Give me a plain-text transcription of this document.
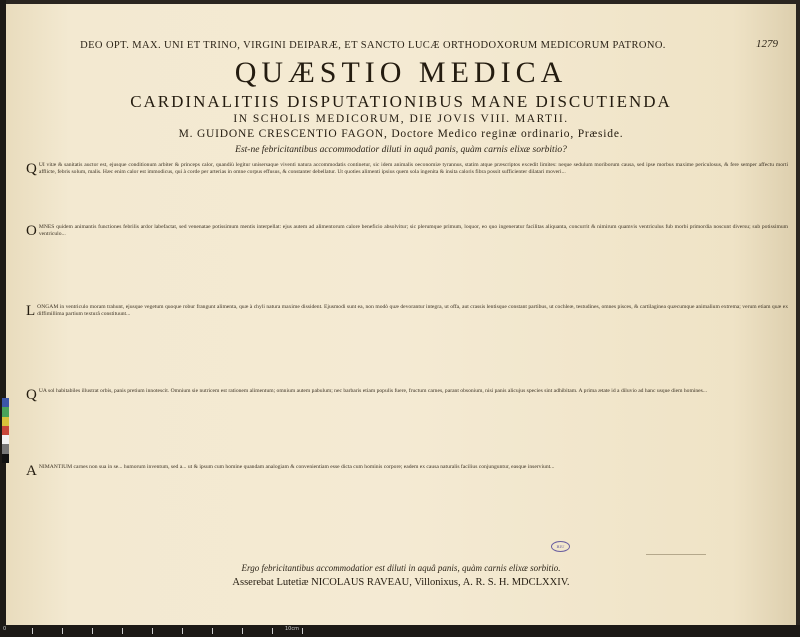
DEO OPT. MAX. UNI ET TRINO, VIRGINI DEIPARÆ, ET SANCTO LUCÆ ORTHODOXORUM MEDICORUM PATRONO.	1279
QUÆSTIO MEDICA
CARDINALITIIS DISPUTATIONIBUS MANE DISCUTIENDA
IN SCHOLIS MEDICORUM, DIE JOVIS VIII. MARTII.
M. GUIDONE CRESCENTIO FAGON, Doctore Medico reginæ ordinario, Præside.
Est-ne febricitantibus accommodatior diluti in aquâ panis, quàm carnis elixæ sorbitio?
Q UI vitæ & sanitatis auctor est, ejusque conditionum arbiter & princeps calor, quandiù legitur unisersaque viventi natura accommodatis continetur, sic idem animalis oeconomiæ tyrannus, statim atque præscriptos excedit limites: neque sedulum moriborum causa, sed ipse morbus maxime periculosus, & fere semper affectu morti afflicte, febris solum, malis. Hæc enim calor est immodicus, qui à corde per arterias in omne corpus effusus, & constanter debellatur. Ut quoties alimenti ipsius quem sola ingenita & insita caloris fibra possit sufficienter dilatari moveri...
O MNES quidem animantis functiones febrilis ardor labefactat, sed venenatae potissimum mentis interpellat: ejus autem ad alimentorum calore beneficio absolvitur; sic plerumque primum, loquor, eo quo ingeneratur facilitas aliquanta, concurrit & nimirum quamvis ventriculus fub morbi primordia noscunt diversu; sub potissimum ventriculo...
L ONGAM in ventriculo moram trahunt, ejusque vegetum quoque robur frangunt alimenta, quæ à chyli natura maxime dissident. Ejusmodi sunt ea, non modò quæ devorantur integra, ut offa, aut crassis lentisque constant partibus, ut cochleæ, testudines, omnes pisces, & cartilaginea quæcumque animalium extrema; verum etiam quæ ex diffimillima partium texturâ constituunt...
Q UA sol habitabiles illustrat orbis, panis pretium innotescit. Omnium sie nutricem est rationem alimentum; omnium autem pabulum; nec barbaris etiam populis fuere, fructum carnes, parant obsonium, nisi panis alicujus species sint adhibitam. A prima ætate id a diluvio ad hanc usque diem homines...
A NIMANTIUM carnes non sua in se... humorum inventum, sed a... ut & ipsum cum homine quandam analogiam & convenientiam esse dicta cum hominis corpore; eadem ex causa naturalis facilius conjunguntur, easque inserviunt...
BIU
Ergo febricitantibus accommodatior est diluti in aquâ panis, quàm carnis elixæ sorbitio.
Asserebat Lutetiæ NICOLAUS RAVEAU, Villonixus, A. R. S. H. MDCLXXIV.
0	10cm
